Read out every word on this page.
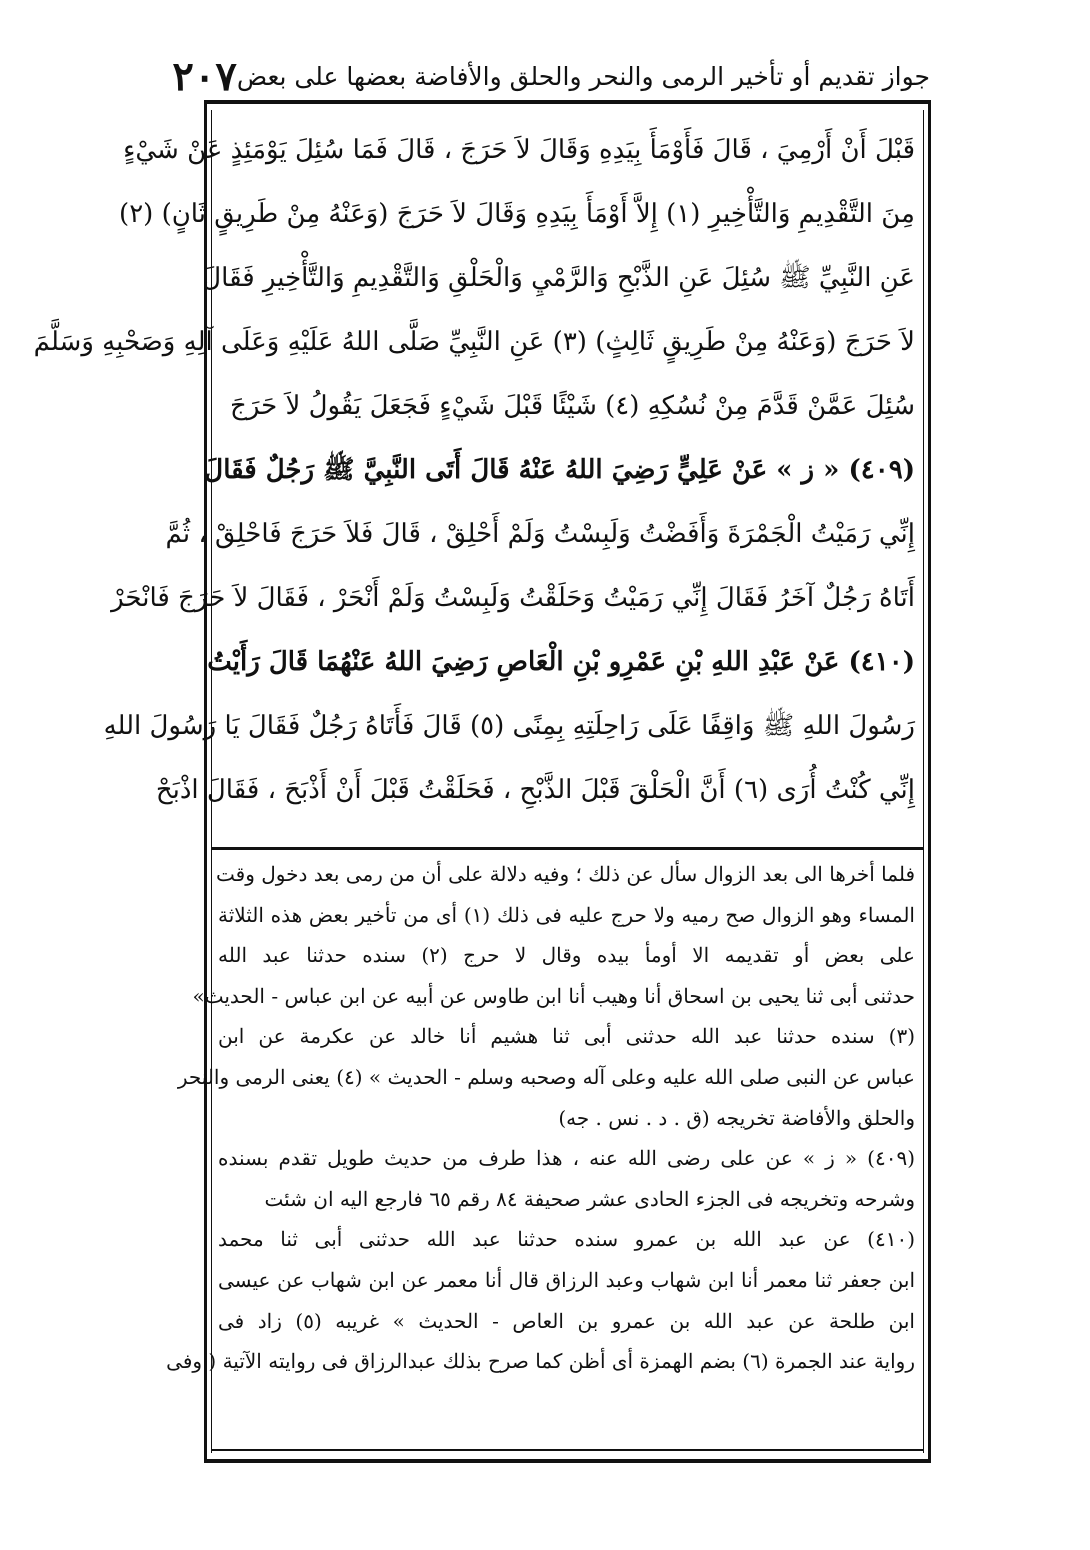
جواز تقديم أو تأخير الرمى والنحر والحلق والأفاضة بعضها على بعض
٢٠٧
قَبْلَ أَنْ أَرْمِيَ ، قَالَ فَأَوْمَأَ بِيَدِهِ وَقَالَ لاَ حَرَجَ ، قَالَ فَمَا سُئِلَ يَوْمَئِذٍ عَنْ شَيْءٍ
مِنَ التَّقْدِيمِ وَالتَّأْخِيرِ (١) إِلاَّ أَوْمَأَ بِيَدِهِ وَقَالَ لاَ حَرَجَ (وَعَنْهُ مِنْ طَرِيقٍ ثَانٍ) (٢)
عَنِ النَّبِيِّ ﷺ سُئِلَ عَنِ الذَّبْحِ وَالرَّمْيِ وَالْحَلْقِ وَالتَّقْدِيمِ وَالتَّأْخِيرِ فَقَالَ
لاَ حَرَجَ (وَعَنْهُ مِنْ طَرِيقٍ ثَالِثٍ) (٣) عَنِ النَّبِيِّ صَلَّى اللهُ عَلَيْهِ وَعَلَى آلِهِ وَصَحْبِهِ وَسَلَّمَ
سُئِلَ عَمَّنْ قَدَّمَ مِنْ نُسُكِهِ (٤) شَيْئًا قَبْلَ شَيْءٍ فَجَعَلَ يَقُولُ لاَ حَرَجَ
(٤٠٩) « ز » عَنْ عَلِيٍّ رَضِيَ اللهُ عَنْهُ قَالَ أَتَى النَّبِيَّ ﷺ رَجُلٌ فَقَالَ
إِنِّي رَمَيْتُ الْجَمْرَةَ وَأَفَضْتُ وَلَبِسْتُ وَلَمْ أَحْلِقْ ، قَالَ فَلاَ حَرَجَ فَاحْلِقْ ، ثُمَّ
أَتَاهُ رَجُلٌ آخَرُ فَقَالَ إِنِّي رَمَيْتُ وَحَلَقْتُ وَلَبِسْتُ وَلَمْ أَنْحَرْ ، فَقَالَ لاَ حَرَجَ فَانْحَرْ
(٤١٠) عَنْ عَبْدِ اللهِ بْنِ عَمْرِو بْنِ الْعَاصِ رَضِيَ اللهُ عَنْهُمَا قَالَ رَأَيْتُ
رَسُولَ اللهِ ﷺ وَاقِفًا عَلَى رَاحِلَتِهِ بِمِنًى (٥) قَالَ فَأَتَاهُ رَجُلٌ فَقَالَ يَا رَسُولَ اللهِ
إِنِّي كُنْتُ أُرَى (٦) أَنَّ الْحَلْقَ قَبْلَ الذَّبْحِ ، فَحَلَقْتُ قَبْلَ أَنْ أَذْبَحَ ، فَقَالَ اذْبَحْ
فلما أخرها الى بعد الزوال سأل عن ذلك ؛ وفيه دلالة على أن من رمى بعد دخول وقت
المساء وهو الزوال صح رميه ولا حرج عليه فى ذلك (١) أى من تأخير بعض هذه الثلاثة
على بعض أو تقديمه الا أومأ بيده وقال لا حرج (٢) سنده حدثنا عبد الله
حدثنى أبى ثنا يحيى بن اسحاق أنا وهيب أنا ابن طاوس عن أبيه عن ابن عباس - الحديث»
(٣) سنده حدثنا عبد الله حدثنى أبى ثنا هشيم أنا خالد عن عكرمة عن ابن
عباس عن النبى صلى الله عليه وعلى آله وصحبه وسلم - الحديث » (٤) يعنى الرمى والنحر
والحلق والأفاضة تخريجه (ق . د . نس . جه)
(٤٠٩) « ز » عن على رضى الله عنه ، هذا طرف من حديث طويل تقدم بسنده
وشرحه وتخريجه فى الجزء الحادى عشر صحيفة ٨٤ رقم ٦٥ فارجع اليه ان شئت
(٤١٠) عن عبد الله بن عمرو سنده حدثنا عبد الله حدثنى أبى ثنا محمد
ابن جعفر ثنا معمر أنا ابن شهاب وعبد الرزاق قال أنا معمر عن ابن شهاب عن عيسى
ابن طلحة عن عبد الله بن عمرو بن العاص - الحديث » غريبه (٥) زاد فى
رواية عند الجمرة (٦) بضم الهمزة أى أظن كما صرح بذلك عبدالرزاق فى روايته الآتية ( وفى
